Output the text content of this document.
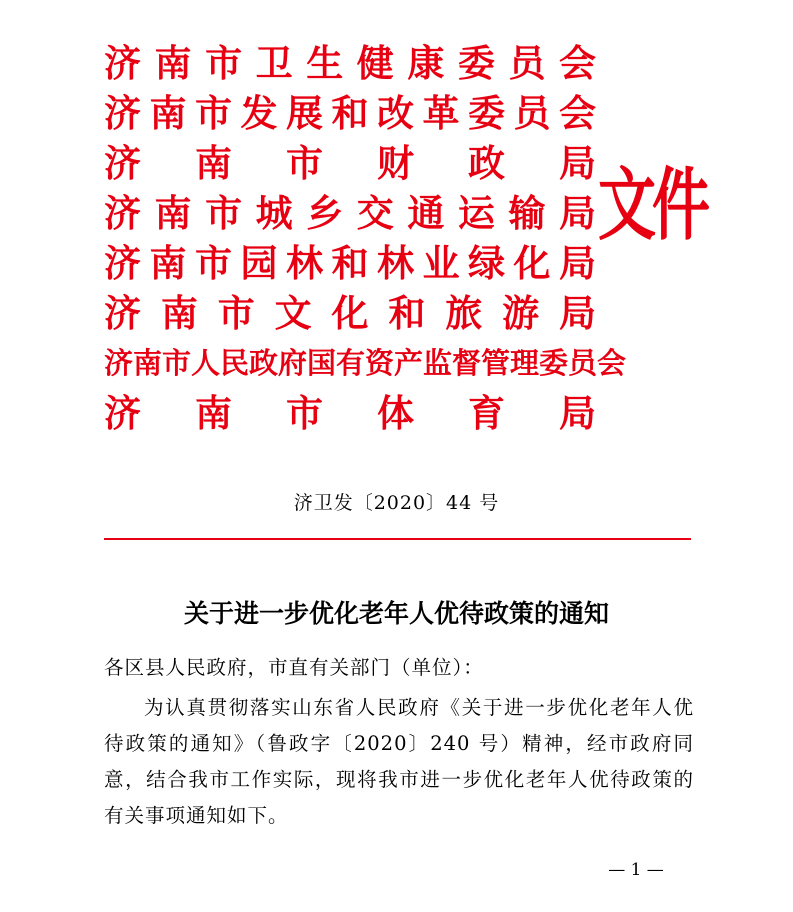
济南市卫生健康委员会
济南市发展和改革委员会
济南市财政局
济南市城乡交通运输局
济南市园林和林业绿化局
济南市文化和旅游局
济南市人民政府国有资产监督管理委员会
济南市体育局
文件
济卫发〔2020〕44 号
关于进一步优化老年人优待政策的通知
各区县人民政府，市直有关部门（单位）：

为认真贯彻落实山东省人民政府《关于进一步优化老年人优待政策的通知》（鲁政字〔2020〕240 号）精神，经市政府同意，结合我市工作实际，现将我市进一步优化老年人优待政策的有关事项通知如下。

— 1 —
